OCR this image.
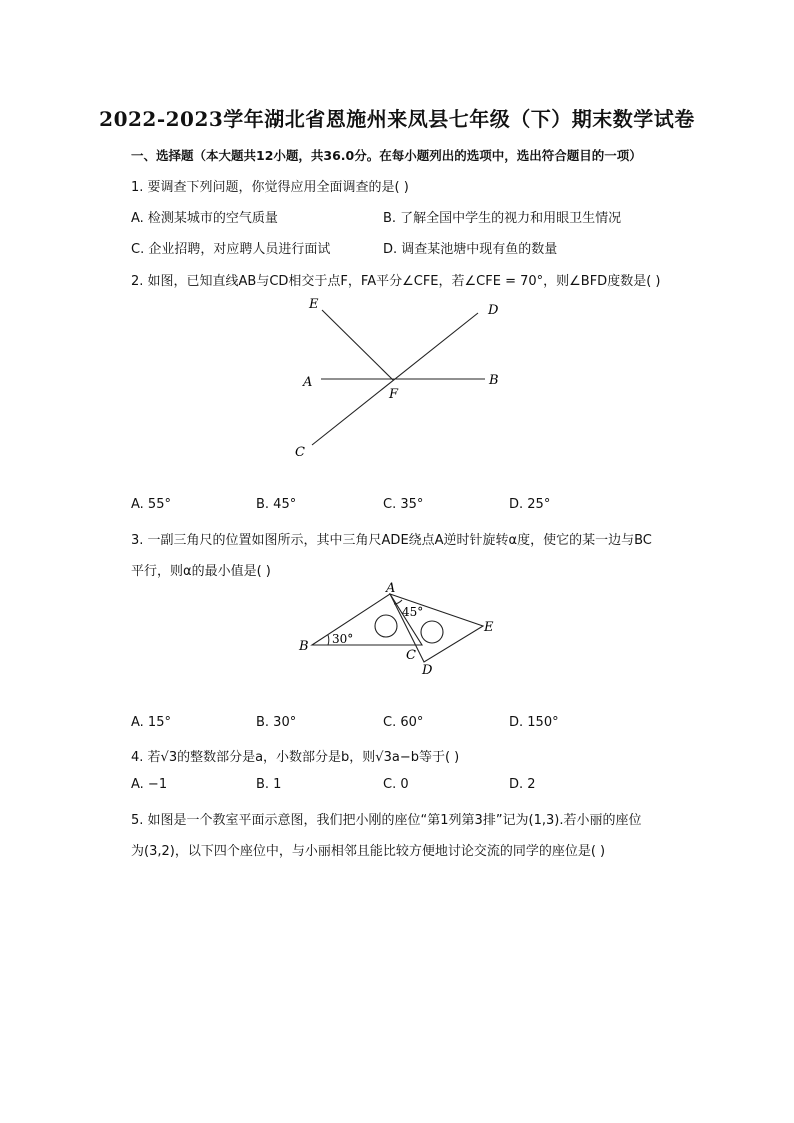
2022-2023学年湖北省恩施州来凤县七年级（下）期末数学试卷
一、选择题（本大题共12小题，共36.0分。在每小题列出的选项中，选出符合题目的一项）
1. 要调查下列问题，你觉得应用全面调查的是( )
A. 检测某城市的空气质量	B. 了解全国中学生的视力和用眼卫生情况
C. 企业招聘，对应聘人员进行面试	D. 调查某池塘中现有鱼的数量
2. 如图，已知直线AB与CD相交于点F，FA平分∠CFE，若∠CFE = 70°，则∠BFD度数是( )
E	D
A	B
F
C
A. 55°	B. 45°	C. 35°	D. 25°
3. 一副三角尺的位置如图所示，其中三角尺ADE绕点A逆时针旋转α度，使它的某一边与BC
平行，则α的最小值是( )
A
B
C
D
E
30°
45°
A. 15°	B. 30°	C. 60°	D. 150°
4. 若√3的整数部分是a，小数部分是b，则√3a−b等于( )
A. −1	B. 1	C. 0	D. 2
5. 如图是一个教室平面示意图，我们把小刚的座位“第1列第3排”记为(1,3).若小丽的座位
为(3,2)，以下四个座位中，与小丽相邻且能比较方便地讨论交流的同学的座位是( )
